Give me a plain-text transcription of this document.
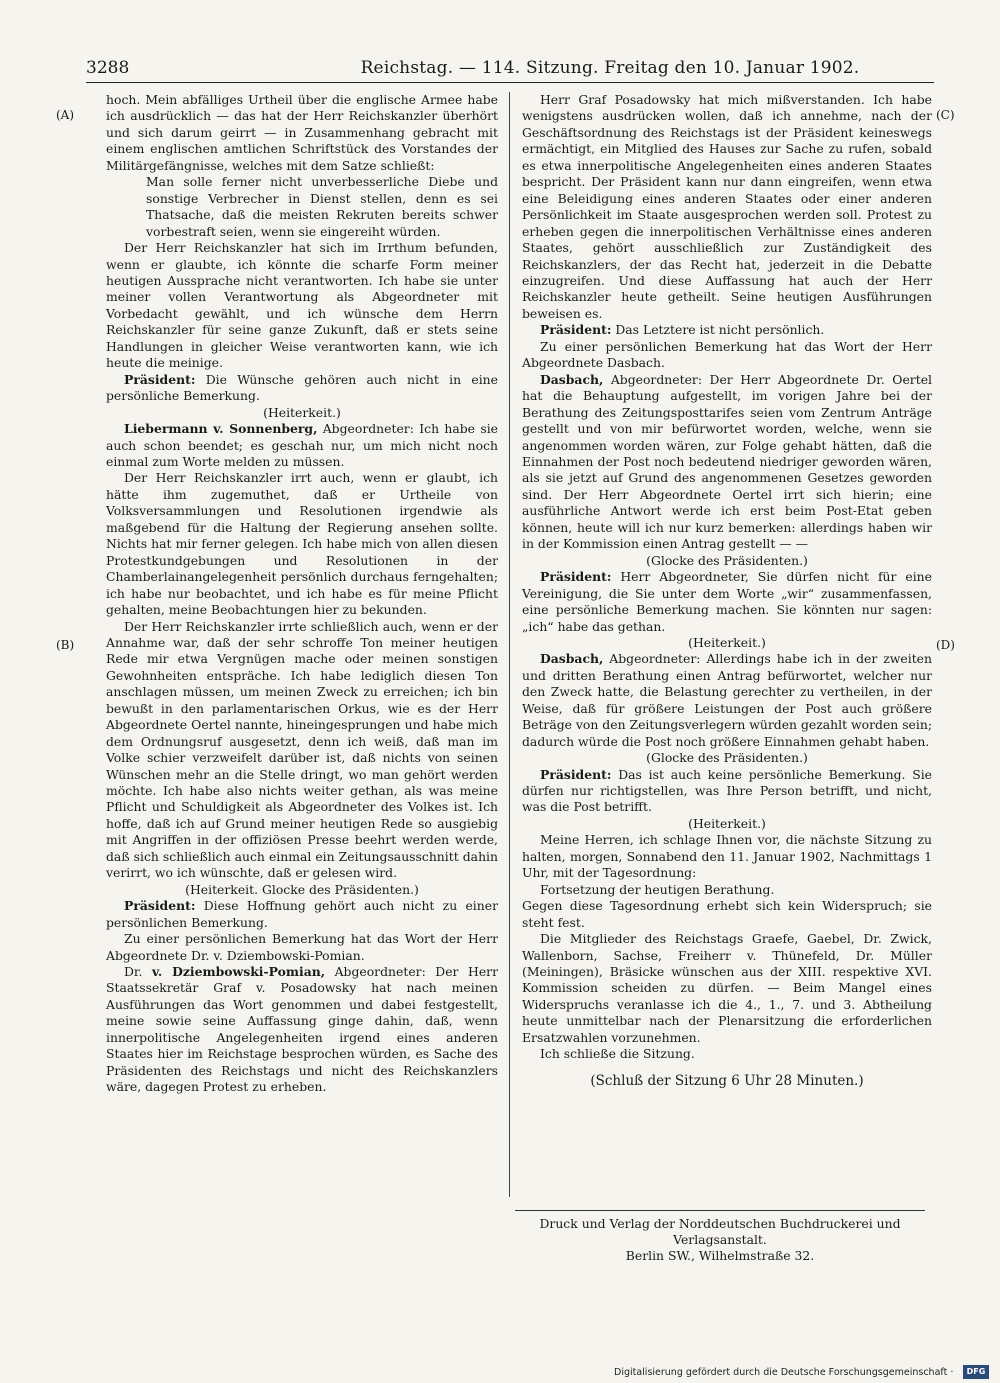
3288	Reichstag. — 114. Sitzung. Freitag den 10. Januar 1902.
(A)
(B)
(C)
(D)

hoch. Mein abfälliges Urtheil über die englische Armee habe ich ausdrücklich — das hat der Herr Reichskanzler überhört und sich darum geirrt — in Zusammenhang gebracht mit einem englischen amtlichen Schriftstück des Vorstandes der Militärgefängnisse, welches mit dem Satze schließt:

Man solle ferner nicht unverbesserliche Diebe und sonstige Verbrecher in Dienst stellen, denn es sei Thatsache, daß die meisten Rekruten bereits schwer vorbestraft seien, wenn sie eingereiht würden.

Der Herr Reichskanzler hat sich im Irrthum befunden, wenn er glaubte, ich könnte die scharfe Form meiner heutigen Aussprache nicht verantworten. Ich habe sie unter meiner vollen Verantwortung als Abgeordneter mit Vorbedacht gewählt, und ich wünsche dem Herrn Reichskanzler für seine ganze Zukunft, daß er stets seine Handlungen in gleicher Weise verantworten kann, wie ich heute die meinige.

Präsident: Die Wünsche gehören auch nicht in eine persönliche Bemerkung.

(Heiterkeit.)

Liebermann v. Sonnenberg, Abgeordneter: Ich habe sie auch schon beendet; es geschah nur, um mich nicht noch einmal zum Worte melden zu müssen.

Der Herr Reichskanzler irrt auch, wenn er glaubt, ich hätte ihm zugemuthet, daß er Urtheile von Volksversammlungen und Resolutionen irgendwie als maßgebend für die Haltung der Regierung ansehen sollte. Nichts hat mir ferner gelegen. Ich habe mich von allen diesen Protestkundgebungen und Resolutionen in der Chamberlainangelegenheit persönlich durchaus ferngehalten; ich habe nur beobachtet, und ich habe es für meine Pflicht gehalten, meine Beobachtungen hier zu bekunden.

Der Herr Reichskanzler irrte schließlich auch, wenn er der Annahme war, daß der sehr schroffe Ton meiner heutigen Rede mir etwa Vergnügen mache oder meinen sonstigen Gewohnheiten entspräche. Ich habe lediglich diesen Ton anschlagen müssen, um meinen Zweck zu erreichen; ich bin bewußt in den parlamentarischen Orkus, wie es der Herr Abgeordnete Oertel nannte, hineingesprungen und habe mich dem Ordnungsruf ausgesetzt, denn ich weiß, daß man im Volke schier verzweifelt darüber ist, daß nichts von seinen Wünschen mehr an die Stelle dringt, wo man gehört werden möchte. Ich habe also nichts weiter gethan, als was meine Pflicht und Schuldigkeit als Abgeordneter des Volkes ist. Ich hoffe, daß ich auf Grund meiner heutigen Rede so ausgiebig mit Angriffen in der offiziösen Presse beehrt werden werde, daß sich schließlich auch einmal ein Zeitungsausschnitt dahin verirrt, wo ich wünschte, daß er gelesen wird.

(Heiterkeit. Glocke des Präsidenten.)

Präsident: Diese Hoffnung gehört auch nicht zu einer persönlichen Bemerkung.

Zu einer persönlichen Bemerkung hat das Wort der Herr Abgeordnete Dr. v. Dziembowski-Pomian.

Dr. v. Dziembowski-Pomian, Abgeordneter: Der Herr Staatssekretär Graf v. Posadowsky hat nach meinen Ausführungen das Wort genommen und dabei festgestellt, meine sowie seine Auffassung ginge dahin, daß, wenn innerpolitische Angelegenheiten irgend eines anderen Staates hier im Reichstage besprochen würden, es Sache des Präsidenten des Reichstags und nicht des Reichskanzlers wäre, dagegen Protest zu erheben.

Herr Graf Posadowsky hat mich mißverstanden. Ich habe wenigstens ausdrücken wollen, daß ich annehme, nach der Geschäftsordnung des Reichstags ist der Präsident keineswegs ermächtigt, ein Mitglied des Hauses zur Sache zu rufen, sobald es etwa innerpolitische Angelegenheiten eines anderen Staates bespricht. Der Präsident kann nur dann eingreifen, wenn etwa eine Beleidigung eines anderen Staates oder einer anderen Persönlichkeit im Staate ausgesprochen werden soll. Protest zu erheben gegen die innerpolitischen Verhältnisse eines anderen Staates, gehört ausschließlich zur Zuständigkeit des Reichskanzlers, der das Recht hat, jederzeit in die Debatte einzugreifen. Und diese Auffassung hat auch der Herr Reichskanzler heute getheilt. Seine heutigen Ausführungen beweisen es.

Präsident: Das Letztere ist nicht persönlich.

Zu einer persönlichen Bemerkung hat das Wort der Herr Abgeordnete Dasbach.

Dasbach, Abgeordneter: Der Herr Abgeordnete Dr. Oertel hat die Behauptung aufgestellt, im vorigen Jahre bei der Berathung des Zeitungsposttarifes seien vom Zentrum Anträge gestellt und von mir befürwortet worden, welche, wenn sie angenommen worden wären, zur Folge gehabt hätten, daß die Einnahmen der Post noch bedeutend niedriger geworden wären, als sie jetzt auf Grund des angenommenen Gesetzes geworden sind. Der Herr Abgeordnete Oertel irrt sich hierin; eine ausführliche Antwort werde ich erst beim Post-Etat geben können, heute will ich nur kurz bemerken: allerdings haben wir in der Kommission einen Antrag gestellt — —

(Glocke des Präsidenten.)

Präsident: Herr Abgeordneter, Sie dürfen nicht für eine Vereinigung, die Sie unter dem Worte „wir“ zusammenfassen, eine persönliche Bemerkung machen. Sie könnten nur sagen: „ich“ habe das gethan.

(Heiterkeit.)

Dasbach, Abgeordneter: Allerdings habe ich in der zweiten und dritten Berathung einen Antrag befürwortet, welcher nur den Zweck hatte, die Belastung gerechter zu vertheilen, in der Weise, daß für größere Leistungen der Post auch größere Beträge von den Zeitungsverlegern würden gezahlt worden sein; dadurch würde die Post noch größere Einnahmen gehabt haben.

(Glocke des Präsidenten.)

Präsident: Das ist auch keine persönliche Bemerkung. Sie dürfen nur richtigstellen, was Ihre Person betrifft, und nicht, was die Post betrifft.

(Heiterkeit.)

Meine Herren, ich schlage Ihnen vor, die nächste Sitzung zu halten, morgen, Sonnabend den 11. Januar 1902, Nachmittags 1 Uhr, mit der Tagesordnung:

Fortsetzung der heutigen Berathung.

Gegen diese Tagesordnung erhebt sich kein Widerspruch; sie steht fest.

Die Mitglieder des Reichstags Graefe, Gaebel, Dr. Zwick, Wallenborn, Sachse, Freiherr v. Thünefeld, Dr. Müller (Meiningen), Bräsicke wünschen aus der XIII. respektive XVI. Kommission scheiden zu dürfen. — Beim Mangel eines Widerspruchs veranlasse ich die 4., 1., 7. und 3. Abtheilung heute unmittelbar nach der Plenarsitzung die erforderlichen Ersatzwahlen vorzunehmen.

Ich schließe die Sitzung.

(Schluß der Sitzung 6 Uhr 28 Minuten.)

Druck und Verlag der Norddeutschen Buchdruckerei und Verlagsanstalt.
Berlin SW., Wilhelmstraße 32.
Digitalisierung gefördert durch die Deutsche Forschungsgemeinschaft ·	DFG
